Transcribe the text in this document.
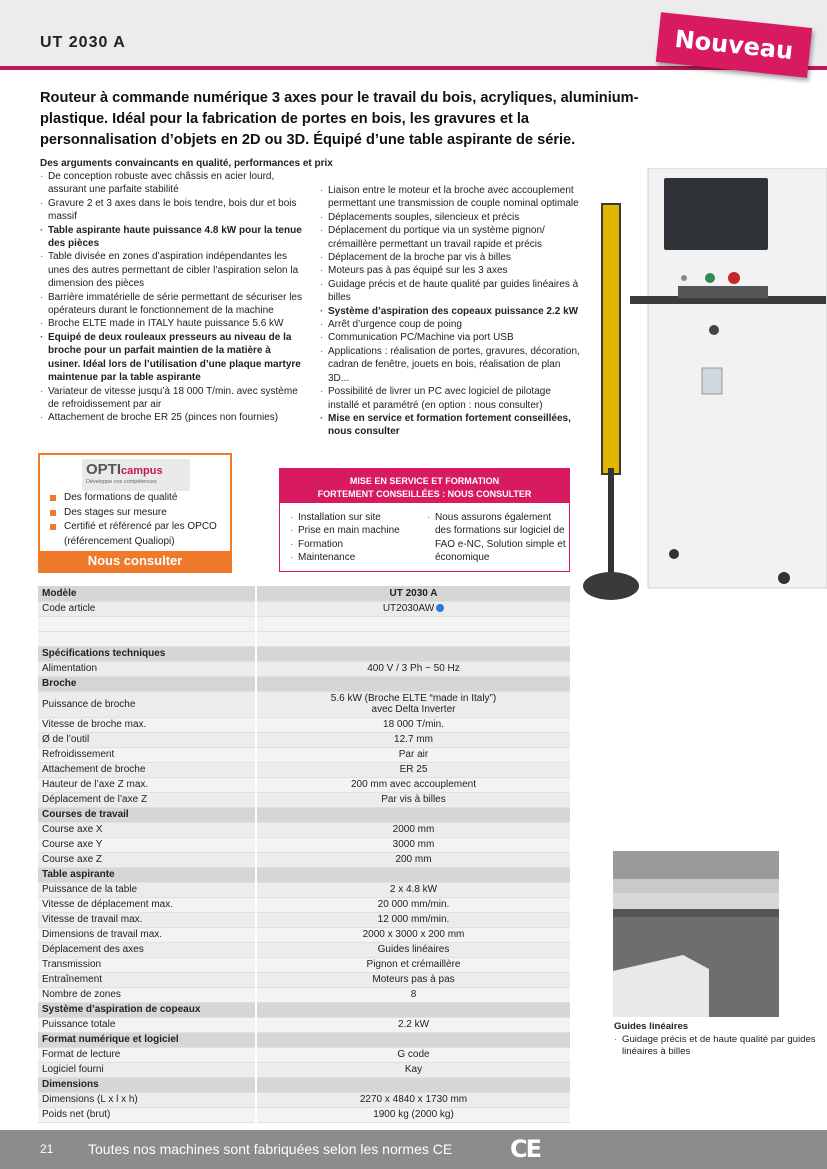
UT 2030 A	Nouveau
Routeur à commande numérique 3 axes pour le travail du bois, acryliques, aluminium-plastique. Idéal pour la fabrication de portes en bois, les gravures et la personnalisation d’objets en 2D ou 3D. Équipé d’une table aspirante de série.
Des arguments convaincants en qualité, performances et prix
· De conception robuste avec châssis en acier lourd, assurant une parfaite stabilité
· Gravure 2 et 3 axes dans le bois tendre, bois dur et bois massif
· Table aspirante haute puissance 4.8 kW pour la tenue des pièces
· Table divisée en zones d’aspiration indépendantes les unes des autres permettant de cibler l’aspiration selon la dimension des pièces
· Barrière immatérielle de série permettant de sécuriser les opérateurs durant le fonctionnement de la machine
· Broche ELTE made in ITALY haute puissance 5.6 kW
· Equipé de deux rouleaux presseurs au niveau de la broche pour un parfait maintien de la matière à usiner. Idéal lors de l’utilisation d’une plaque martyre maintenue par la table aspirante
· Variateur de vitesse jusqu’à 18 000 T/min. avec système de refroidissement par air
· Attachement de broche ER 25 (pinces non fournies)
· Liaison entre le moteur et la broche avec accouplement permettant une transmission de couple nominal optimale
· Déplacements souples, silencieux et précis
· Déplacement du portique via un système pignon/ crémaillère permettant un travail rapide et précis
· Déplacement de la broche par vis à billes
· Moteurs pas à pas équipé sur les 3 axes
· Guidage précis et de haute qualité par guides linéaires à billes
· Système d’aspiration des copeaux puissance 2.2 kW
· Arrêt d’urgence coup de poing
· Communication PC/Machine via port USB
· Applications : réalisation de portes, gravures, décoration, cadran de fenêtre, jouets en bois, réalisation de plan 3D...
· Possibilité de livrer un PC avec logiciel de pilotage installé et paramétré (en option : nous consulter)
· Mise en service et formation fortement conseillées, nous consulter
OPTIcampus
Développe vos compétences
Des formations de qualité
Des stages sur mesure
Certifié et référencé par les OPCO (référencement Qualiopi)
Nous consulter
MISE EN SERVICE ET FORMATION
FORTEMENT CONSEILLÉES : NOUS CONSULTER
· Installation sur site
· Prise en main machine
· Formation
· Maintenance
· Nous assurons également des formations sur logiciel de FAO e-NC, Solution simple et économique
Modèle	UT 2030 A
Code article	UT2030AW

Spécifications techniques	
Alimentation	400 V / 3 Ph ~ 50 Hz
Broche	
Puissance de broche	5.6 kW (Broche ELTE “made in Italy”)
avec Delta Inverter

Vitesse de broche max.	18 000 T/min.
Ø de l’outil	12.7 mm
Refroidissement	Par air
Attachement de broche	ER 25
Hauteur de l’axe Z max.	200 mm avec accouplement
Déplacement de l’axe Z	Par vis à billes
Courses de travail	
Course axe X	2000 mm
Course axe Y	3000 mm
Course axe Z	200 mm
Table aspirante	
Puissance de la table	2 x 4.8 kW
Vitesse de déplacement max.	20 000 mm/min.
Vitesse de travail max.	12 000 mm/min.
Dimensions de travail max.	2000 x 3000 x 200 mm
Déplacement des axes	Guides linéaires
Transmission	Pignon et crémaillère
Entraînement	Moteurs pas à pas
Nombre de zones	8
Système d’aspiration de copeaux	
Puissance totale	2.2 kW
Format numérique et logiciel	
Format de lecture	G code
Logiciel fourni	Kay
Dimensions	
Dimensions (L x l x h)	2270 x 4840 x 1730 mm
Poids net (brut)	1900 kg (2000 kg)
Guides linéaires
· Guidage précis et de haute qualité par guides linéaires à billes
21 Toutes nos machines sont fabriquées selon les normes CE CE
